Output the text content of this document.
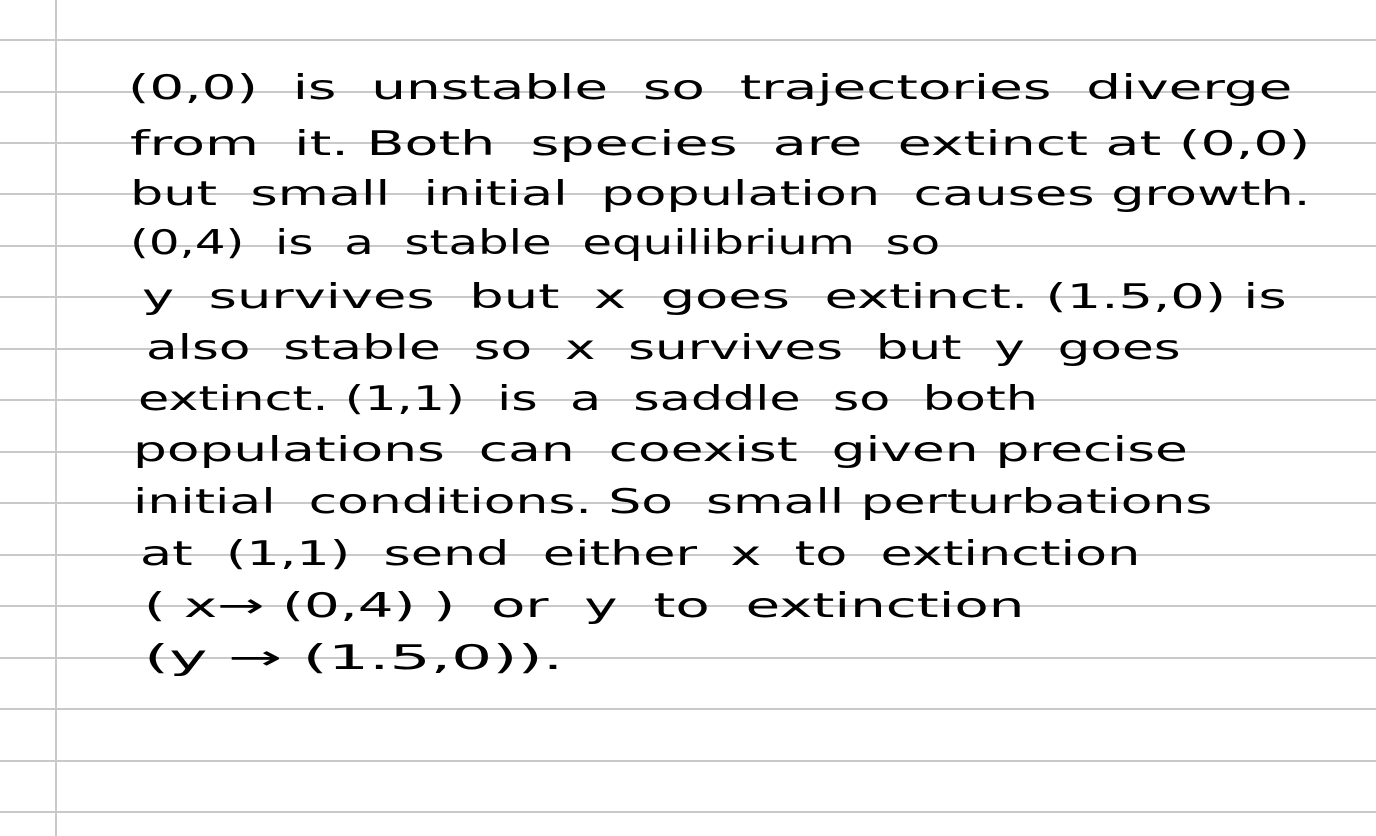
(0,0)  is  unstable  so  trajectories  diverge
from  it. Both  species  are  extinct at (0,0)
but  small  initial  population  causes growth.
(0,4)  is  a  stable  equilibrium  so
y  survives  but  x  goes  extinct. (1.5,0) is
also  stable  so  x  survives  but  y  goes
extinct. (1,1)  is  a  saddle  so  both
populations  can  coexist  given precise
initial  conditions. So  small perturbations
at  (1,1)  send  either  x  to  extinction
( x→ (0,4) )  or  y  to  extinction
(y → (1.5,0)).
